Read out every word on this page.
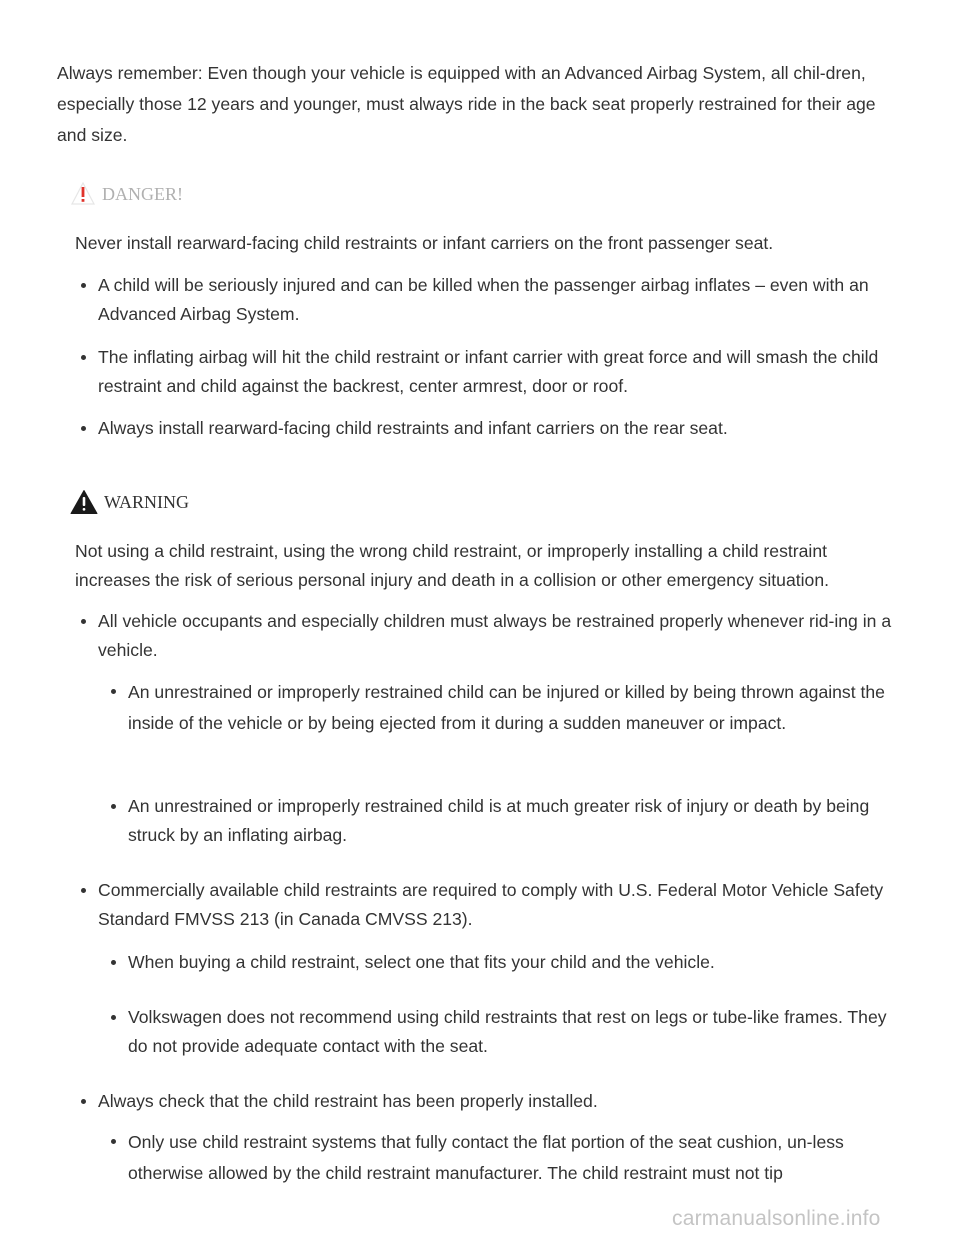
Always remember: Even though your vehicle is equipped with an Advanced Airbag System, all chil-dren, especially those 12 years and younger, must always ride in the back seat properly restrained for their age and size.

DANGER!

Never install rearward-facing child restraints or infant carriers on the front passenger seat.

A child will be seriously injured and can be killed when the passenger airbag inflates – even with an Advanced Airbag System.

The inflating airbag will hit the child restraint or infant carrier with great force and will smash the child restraint and child against the backrest, center armrest, door or roof.

Always install rearward-facing child restraints and infant carriers on the rear seat.

WARNING

Not using a child restraint, using the wrong child restraint, or improperly installing a child restraint increases the risk of serious personal injury and death in a collision or other emergency situation.

All vehicle occupants and especially children must always be restrained properly whenever rid-ing in a vehicle.

An unrestrained or improperly restrained child can be injured or killed by being thrown against the inside of the vehicle or by being ejected from it during a sudden maneuver or impact.

An unrestrained or improperly restrained child is at much greater risk of injury or death by being struck by an inflating airbag.

Commercially available child restraints are required to comply with U.S. Federal Motor Vehicle Safety Standard FMVSS 213 (in Canada CMVSS 213).

When buying a child restraint, select one that fits your child and the vehicle.

Volkswagen does not recommend using child restraints that rest on legs or tube-like frames. They do not provide adequate contact with the seat.

Always check that the child restraint has been properly installed.

Only use child restraint systems that fully contact the flat portion of the seat cushion, un-less otherwise allowed by the child restraint manufacturer. The child restraint must not tip

carmanualsonline.info
